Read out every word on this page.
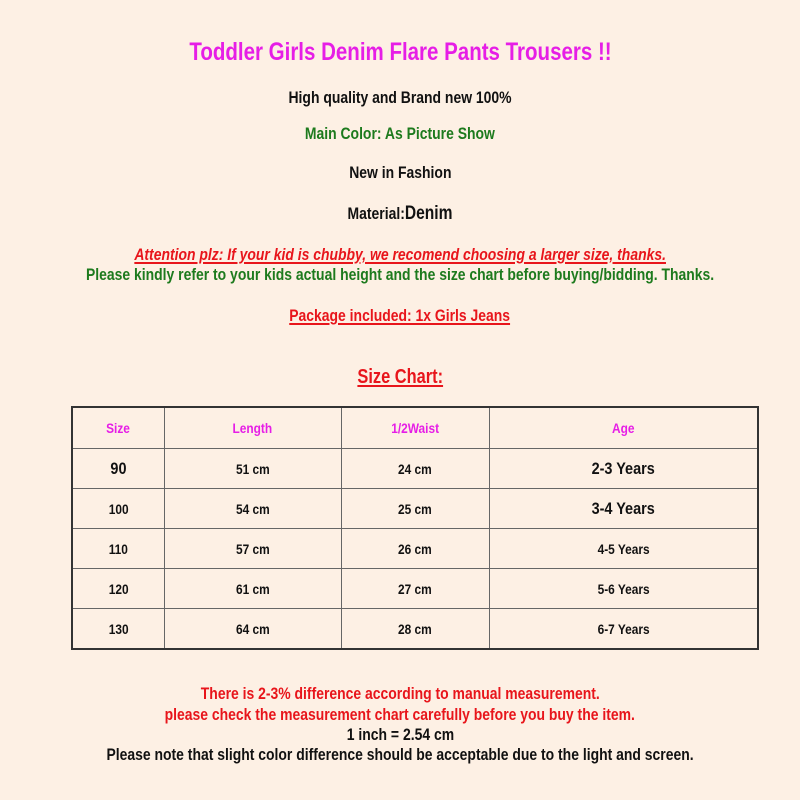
Toddler Girls Denim Flare Pants Trousers !!
High quality and Brand new 100%
Main Color: As Picture Show
New in Fashion
Material:Denim
Attention plz: If your kid is chubby, we recomend choosing a larger size, thanks.
Please kindly refer to your kids actual height and the size chart before buying/bidding. Thanks.
Package included: 1x Girls Jeans
Size Chart:
Size	Length	1/2Waist	Age
90	51 cm	24 cm	2-3 Years
100	54 cm	25 cm	3-4 Years
110	57 cm	26 cm	4-5 Years
120	61 cm	27 cm	5-6 Years
130	64 cm	28 cm	6-7 Years
There is 2-3% difference according to manual measurement.
please check the measurement chart carefully before you buy the item.
1 inch = 2.54 cm
Please note that slight color difference should be acceptable due to the light and screen.
